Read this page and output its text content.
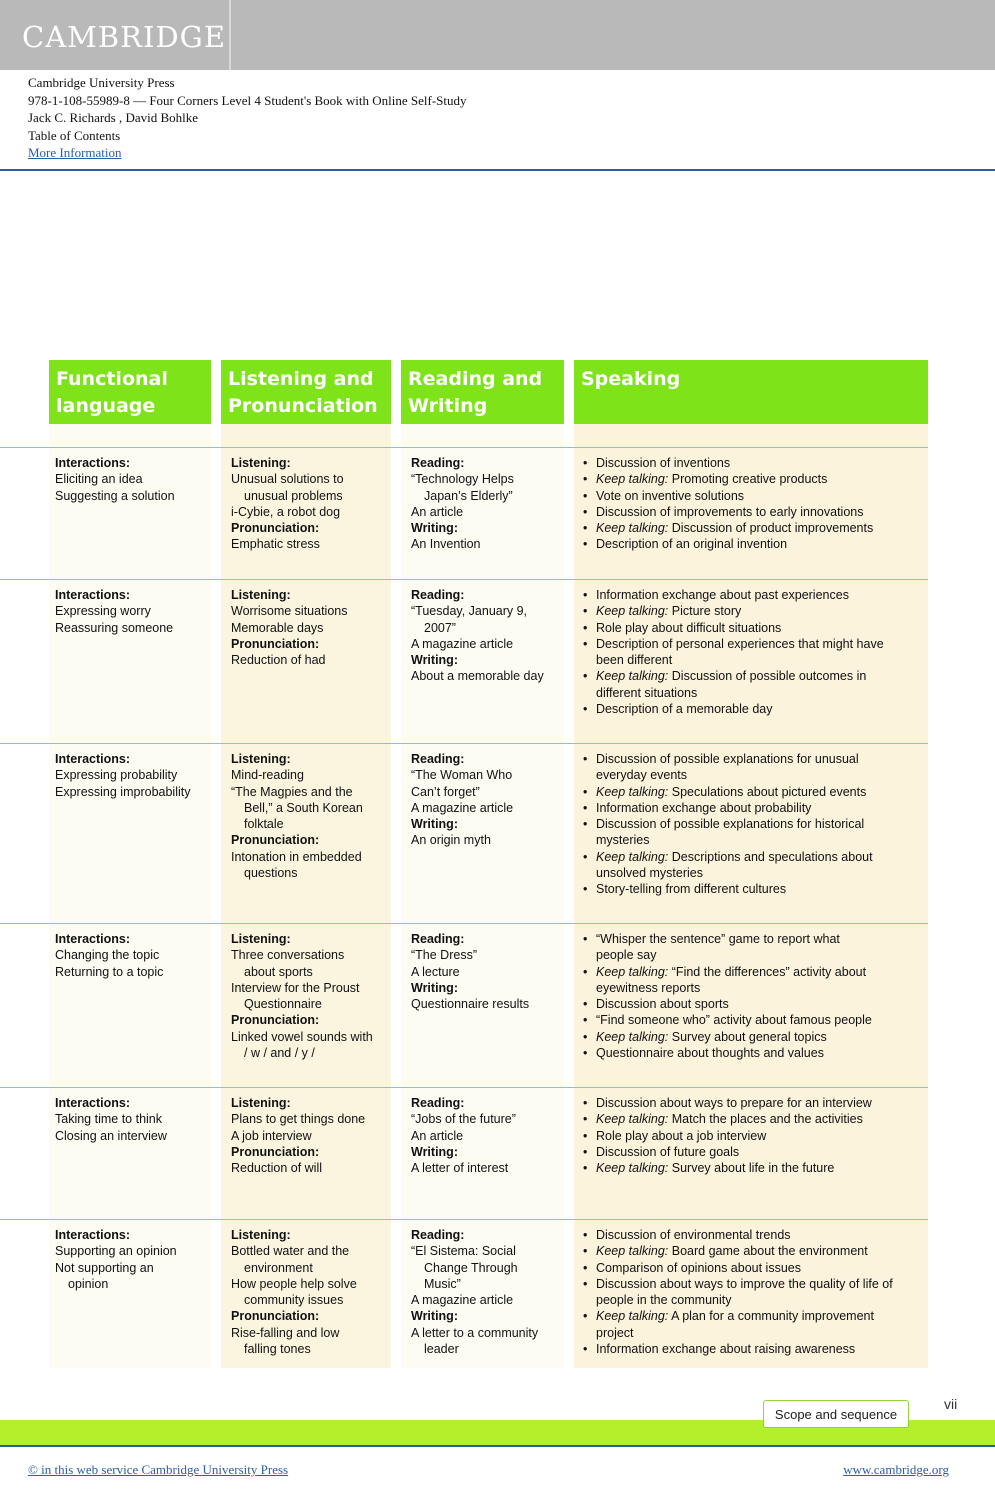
CAMBRIDGE
Cambridge University Press
978-1-108-55989-8 — Four Corners Level 4 Student's Book with Online Self-Study
Jack C. Richards , David Bohlke
Table of Contents
More Information
Functional
language
Listening and
Pronunciation
Reading and
Writing
Speaking
Interactions:
Eliciting an idea
Suggesting a solution
Listening:
Unusual solutions to
unusual problems
i-Cybie, a robot dog
Pronunciation:
Emphatic stress
Reading:
“Technology Helps
Japan’s Elderly”
An article
Writing:
An Invention
• Discussion of inventions
• Keep talking: Promoting creative products
• Vote on inventive solutions
• Discussion of improvements to early innovations
• Keep talking: Discussion of product improvements
• Description of an original invention
Interactions:
Expressing worry
Reassuring someone
Listening:
Worrisome situations
Memorable days
Pronunciation:
Reduction of had
Reading:
“Tuesday, January 9,
2007”
A magazine article
Writing:
About a memorable day
• Information exchange about past experiences
• Keep talking: Picture story
• Role play about difficult situations
• Description of personal experiences that might have
been different
• Keep talking: Discussion of possible outcomes in
different situations
• Description of a memorable day
Interactions:
Expressing probability
Expressing improbability
Listening:
Mind-reading
“The Magpies and the
Bell,” a South Korean
folktale
Pronunciation:
Intonation in embedded
questions
Reading:
“The Woman Who
Can’t forget”
A magazine article
Writing:
An origin myth
• Discussion of possible explanations for unusual
everyday events
• Keep talking: Speculations about pictured events
• Information exchange about probability
• Discussion of possible explanations for historical
mysteries
• Keep talking: Descriptions and speculations about
unsolved mysteries
• Story-telling from different cultures
Interactions:
Changing the topic
Returning to a topic
Listening:
Three conversations
about sports
Interview for the Proust
Questionnaire
Pronunciation:
Linked vowel sounds with
/ w / and / y /
Reading:
“The Dress”
A lecture
Writing:
Questionnaire results
• “Whisper the sentence” game to report what
people say
• Keep talking: “Find the differences” activity about
eyewitness reports
• Discussion about sports
• “Find someone who” activity about famous people
• Keep talking: Survey about general topics
• Questionnaire about thoughts and values
Interactions:
Taking time to think
Closing an interview
Listening:
Plans to get things done
A job interview
Pronunciation:
Reduction of will
Reading:
“Jobs of the future”
An article
Writing:
A letter of interest
• Discussion about ways to prepare for an interview
• Keep talking: Match the places and the activities
• Role play about a job interview
• Discussion of future goals
• Keep talking: Survey about life in the future
Interactions:
Supporting an opinion
Not supporting an
opinion
Listening:
Bottled water and the
environment
How people help solve
community issues
Pronunciation:
Rise-falling and low
falling tones
Reading:
“El Sistema: Social
Change Through
Music”
A magazine article
Writing:
A letter to a community
leader
• Discussion of environmental trends
• Keep talking: Board game about the environment
• Comparison of opinions about issues
• Discussion about ways to improve the quality of life of
people in the community
• Keep talking: A plan for a community improvement
project
• Information exchange about raising awareness
Scope and sequence
vii
© in this web service Cambridge University Press	www.cambridge.org
